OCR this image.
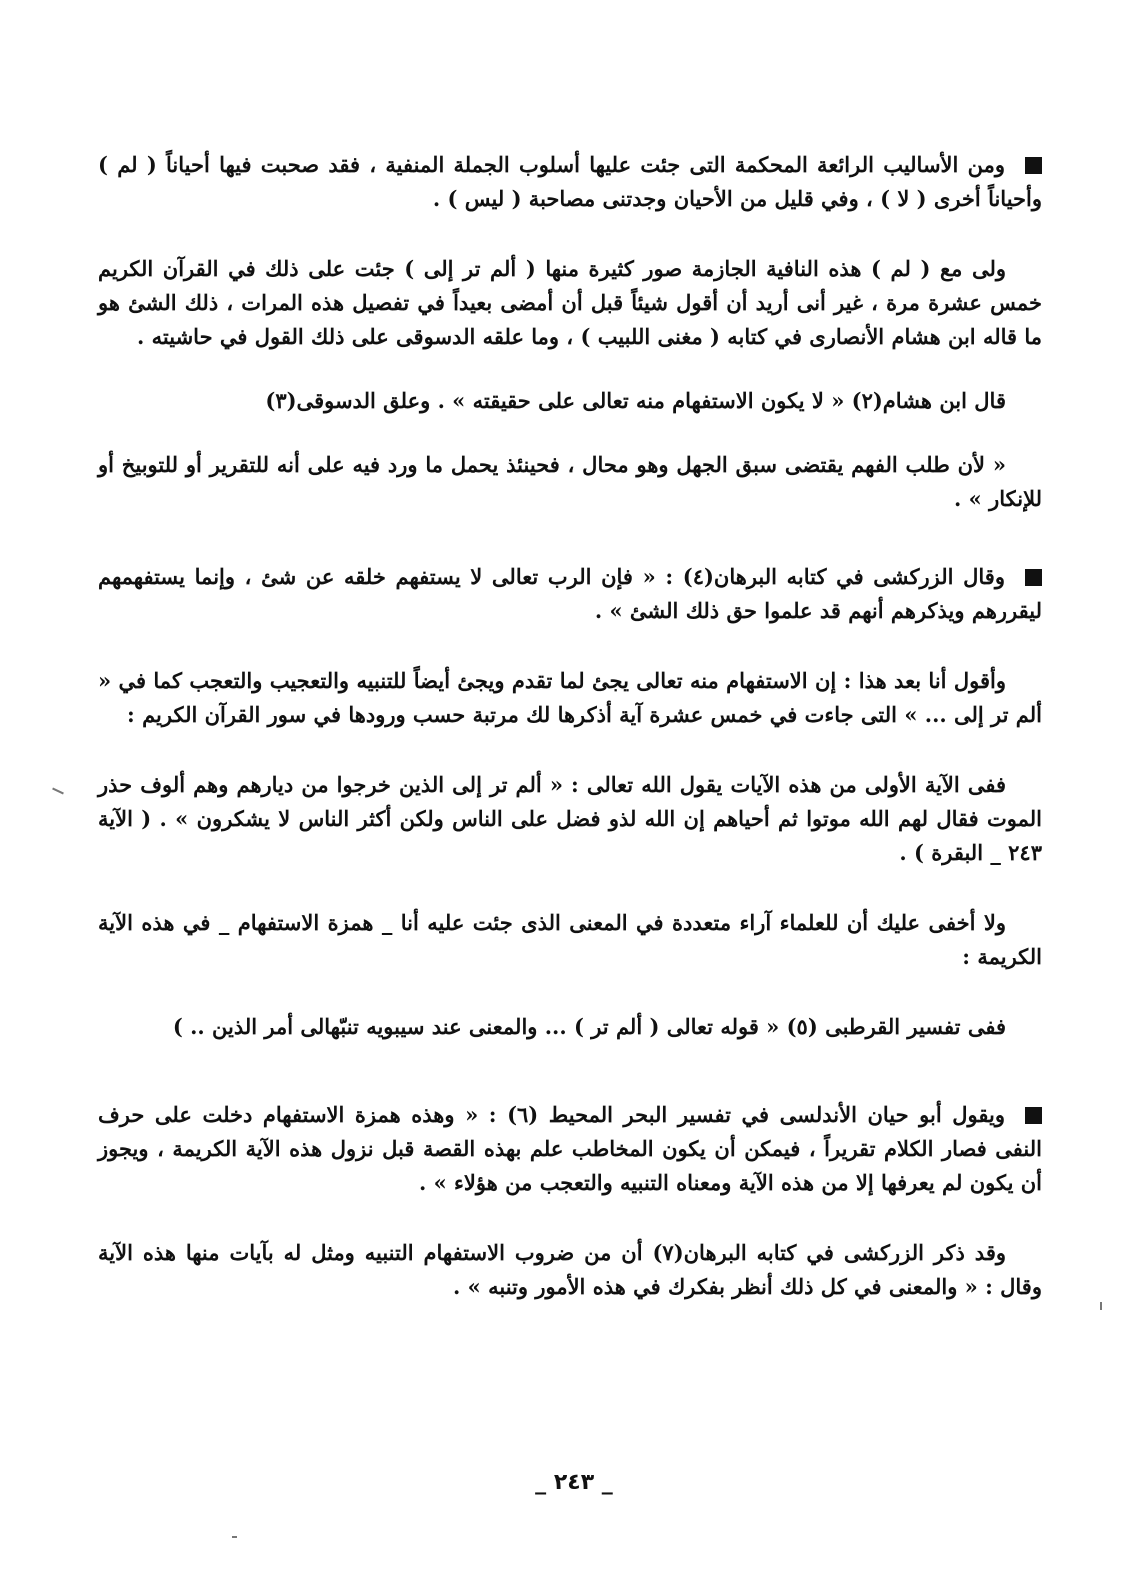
ومن الأساليب الرائعة المحكمة التى جئت عليها أسلوب الجملة المنفية ، فقد صحبت فيها أحياناً ( لم ) وأحياناً أخرى ( لا ) ، وفي قليل من الأحيان وجدتنى مصاحبة ( ليس ) .

ولى مع ( لم ) هذه النافية الجازمة صور كثيرة منها ( ألم تر إلى ) جئت على ذلك في القرآن الكريم خمس عشرة مرة ، غير أنى أريد أن أقول شيئاً قبل أن أمضى بعيداً في تفصيل هذه المرات ، ذلك الشئ هو ما قاله ابن هشام الأنصارى في كتابه ( مغنى اللبيب ) ، وما علقه الدسوقى على ذلك القول في حاشيته .

قال ابن هشام(٢) « لا يكون الاستفهام منه تعالى على حقيقته » . وعلق الدسوقى(٣)

« لأن طلب الفهم يقتضى سبق الجهل وهو محال ، فحينئذ يحمل ما ورد فيه على أنه للتقرير أو للتوبيخ أو للإنكار » .

وقال الزركشى في كتابه البرهان(٤) : « فإن الرب تعالى لا يستفهم خلقه عن شئ ، وإنما يستفهمهم ليقررهم ويذكرهم أنهم قد علموا حق ذلك الشئ » .

وأقول أنا بعد هذا : إن الاستفهام منه تعالى يجئ لما تقدم ويجئ أيضاً للتنبيه والتعجيب والتعجب كما في « ألم تر إلى ... » التى جاءت في خمس عشرة آية أذكرها لك مرتبة حسب ورودها في سور القرآن الكريم :

ففى الآية الأولى من هذه الآيات يقول الله تعالى : « ألم تر إلى الذين خرجوا من ديارهم وهم ألوف حذر الموت فقال لهم الله موتوا ثم أحياهم إن الله لذو فضل على الناس ولكن أكثر الناس لا يشكرون » . ( الآية ٢٤٣ _ البقرة ) .

ولا أخفى عليك أن للعلماء آراء متعددة في المعنى الذى جئت عليه أنا _ همزة الاستفهام _ في هذه الآية الكريمة :

ففى تفسير القرطبى (٥) « قوله تعالى ( ألم تر ) ... والمعنى عند سيبويه تنبّهالى أمر الذين .. )

ويقول أبو حيان الأندلسى في تفسير البحر المحيط (٦) : « وهذه همزة الاستفهام دخلت على حرف النفى فصار الكلام تقريراً ، فيمكن أن يكون المخاطب علم بهذه القصة قبل نزول هذه الآية الكريمة ، ويجوز أن يكون لم يعرفها إلا من هذه الآية ومعناه التنبيه والتعجب من هؤلاء » .

وقد ذكر الزركشى في كتابه البرهان(٧) أن من ضروب الاستفهام التنبيه ومثل له بآيات منها هذه الآية وقال : « والمعنى في كل ذلك أنظر بفكرك في هذه الأمور وتنبه » .

_ ٢٤٣ _
